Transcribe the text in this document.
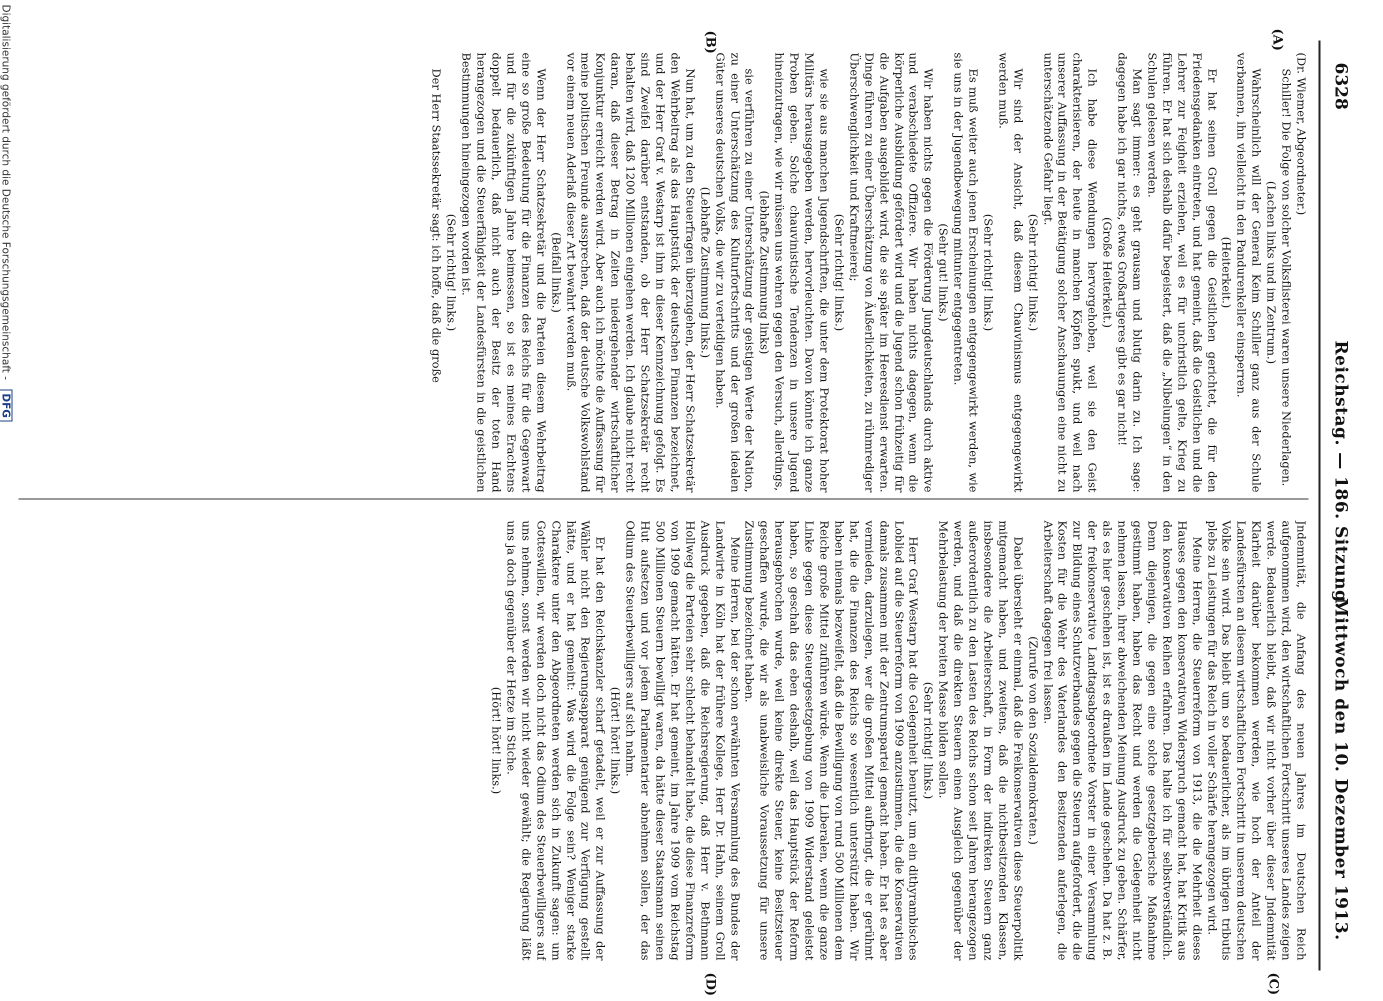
6328
Reichstag. — 186. Sitzung.
Mittwoch den 10. Dezember 1913.
(A)
(B)
(C)
(D)

(Dr. Wiemer, Abgeordneter.)

Schiller! Die Folge von solcher Volksflisterei waren unsere Niederlagen.

(Lachen links und im Zentrum.)

Wahrscheinlich will der General Keim Schiller ganz aus der Schule verbannen, ihn vielleicht in den Pandurenkeller einsperren.

(Heiterkeit.)

Er hat seinen Groll gegen die Geistlichen gerichtet, die für den Friedensgedanken eintreten, und hat gemeint, daß die Geistlichen und die Lehrer zur Feigheit erziehen, weil es für unchristlich gelte, Krieg zu führen. Er hat sich deshalb dafür begeistert, daß die „Nibelungen“ in den Schulen gelesen werden.

Man sagt immer: es geht grausam und blutig darin zu. Ich sage: dagegen habe ich gar nichts, etwas Großartigeres gibt es gar nicht!

(Große Heiterkeit.)

Ich habe diese Wendungen hervorgehoben, weil sie den Geist charakterisieren, der heute in manchen Köpfen spukt, und weil nach unserer Auffassung in der Betätigung solcher Anschauungen eine nicht zu unterschätzende Gefahr liegt.

(Sehr richtig! links.)

Wir sind der Ansicht, daß diesem Chauvinismus entgegengewirkt werden muß.

(Sehr richtig! links.)

Es muß weiter auch jenen Erscheinungen entgegengewirkt werden, wie sie uns in der Jugendbewegung mitunter entgegentreten.

(Sehr gut! links.)

Wir haben nichts gegen die Förderung Jungdeutschlands durch aktive und verabschiedete Offiziere. Wir haben nichts dagegen, wenn die körperliche Ausbildung gefördert wird und die Jugend schon frühzeitig für die Aufgaben ausgebildet wird, die sie später im Heeresdienst erwarten. Dinge führen zu einer Überschätzung von Äußerlichkeiten, zu rühmrediger Überschwenglichkeit und Kraftmeierei;

(Sehr richtig! links.)

wie sie aus manchen Jugendschriften, die unter dem Protektorat hoher Militärs herausgegeben werden, hervorleuchten. Davon könnte ich ganze Proben geben. Solche chauvinistische Tendenzen in unsere Jugend hineinzutragen, wie wir müssen uns wehren gegen den Versuch, allerdings,

(lebhafte Zustimmung links)

sie verführen zu einer Unterschätzung der geistigen Werte der Nation, zu einer Unterschätzung des Kulturfortschritts und der großen idealen Güter unseres deutschen Volks, die wir zu verteidigen haben.

(Lebhafte Zustimmung links.)

Nun hat, um zu den Steuerfragen überzugehen, der Herr Schatzsekretär den Wehrbeitrag als das Hauptstück der deutschen Finanzen bezeichnet, und der Herr Graf v. Westarp ist ihm in dieser Kennzeichnung gefolgt. Es sind Zweifel darüber entstanden, ob der Herr Schatzsekretär recht behalten wird, daß 1200 Millionen eingehen werden. Ich glaube nicht recht daran, daß dieser Betrag in Zeiten niedergehender wirtschaftlicher Konjunktur erreicht werden wird. Aber auch ich möchte die Auffassung für meine politischen Freunde aussprechen, daß der deutsche Volkswohlstand vor einem neuen Aderlaß dieser Art bewahrt werden muß.

(Beifall links.)

Wenn der Herr Schatzsekretär und die Parteien diesem Wehrbeitrag eine so große Bedeutung für die Finanzen des Reichs für die Gegenwart und für die zukünftigen Jahre beimessen, so ist es meines Erachtens doppelt bedauerlich, daß nicht auch der Besitz der toten Hand herangezogen und die Steuerfähigkeit der Landesfürsten in die geistlichen Bestimmungen hineingezogen worden ist.

(Sehr richtig! links.)

Der Herr Staatssekretär sagt: ich hoffe, daß die große

Jndemnität, die Anfang des neuen Jahres im Deutschen Reich aufgenommen wird, den wirtschaftlichen Fortschritt unseres Landes zeigen werde. Bedauerlich bleibt, daß wir nicht vorher über dieser Jndemnität Klarheit darüber bekommen werden, wie hoch der Anteil der Landesfürsten an diesem wirtschaftlichen Fortschritt in unserem deutschen Volke sein wird. Das bleibt um so bedauerlicher, als im übrigen tributis plebs zu Leistungen für das Reich in voller Schärfe herangezogen wird.

Meine Herren, die Steuerreform von 1913, die die Mehrheit dieses Hauses gegen den konservativen Widerspruch gemacht hat, hat Kritik aus den konservativen Reihen erfahren. Das halte ich für selbstverständlich. Denn diejenigen, die gegen eine solche gesetzgeberische Maßnahme gestimmt haben, haben das Recht und werden die Gelegenheit nicht nehmen lassen, ihrer abweichenden Meinung Ausdruck zu geben. Schärfer, als es hier geschehen ist, ist es draußen im Lande geschehen. Da hat z. B. der freikonservative Landtagsabgeordnete Vorster in einer Versammlung zur Bildung eines Schutzverbandes gegen die Steuern aufgefordert, die die Kosten für die Wehr des Vaterlandes den Besitzenden auferlegen, die Arbeiterschaft dagegen frei lassen.

(Zurufe von den Sozialdemokraten.)

Dabei übersieht er einmal, daß die Freikonservativen diese Steuerpolitik mitgemacht haben, und zweitens, daß die nichtbesitzenden Klassen, insbesondere die Arbeiterschaft, in Form der indirekten Steuern ganz außerordentlich zu den Lasten des Reichs schon seit Jahren herangezogen werden, und daß die direkten Steuern einen Ausgleich gegenüber der Mehrbelastung der breiten Masse bilden sollen.

(Sehr richtig! links.)

Herr Graf Westarp hat die Gelegenheit benutzt, um ein dithyrambisches Loblied auf die Steuerreform von 1909 anzustimmen, die die Konservativen damals zusammen mit der Zentrumspartei gemacht haben. Er hat es aber vermieden, darzulegen, wer die großen Mittel aufbringt, die er gerühmt hat, die die Finanzen des Reichs so wesentlich unterstützt haben. Wir haben niemals bezweifelt, daß die Bewilligung von rund 500 Millionen dem Reiche große Mittel zuführen würde. Wenn die Liberalen, wenn die ganze Linke gegen diese Steuergesetzgebung von 1909 Widerstand geleistet haben, so geschah das eben deshalb, weil das Hauptstück der Reform herausgebrochen wurde, weil keine direkte Steuer, keine Besitzsteuer geschaffen wurde, die wir als unabweisliche Voraussetzung für unsere Zustimmung bezeichnet haben.

Meine Herren, bei der schon erwähnten Versammlung des Bundes der Landwirte in Köln hat der frühere Kollege, Herr Dr. Hahn, seinem Groll Ausdruck gegeben, daß die Reichsregierung, daß Herr v. Bethmann Hollweg die Parteien sehr schlecht behandelt habe, die diese Finanzreform von 1909 gemacht hätten. Er hat gemeint, im Jahre 1909 vom Reichstag 500 Millionen Steuern bewilligt waren, da hätte dieser Staatsmann seinen Hut aufsetzen und vor jedem Parlamentarier abnehmen sollen, der das Odium des Steuerbewilligers auf sich nahm.

(Hört! hört! links.)

Er hat den Reichskanzler scharf getadelt, weil er zur Auffassung der Wähler nicht den Regierungsapparat genügend zur Verfügung gestellt hätte, und er hat gemeint: Was wird die Folge sein? Weniger starke Charaktere unter den Abgeordneten werden sich in Zukunft sagen: um Gotteswillen, wir werden doch nicht das Odium des Steuerbewilligers auf uns nehmen, sonst werden wir nicht wieder gewählt; die Regierung läßt uns ja doch gegenüber der Hetze im Stiche.

(Hört! hört! links.)

Digitalisierung gefördert durch die Deutsche Forschungsgemeinschaft - DFG
